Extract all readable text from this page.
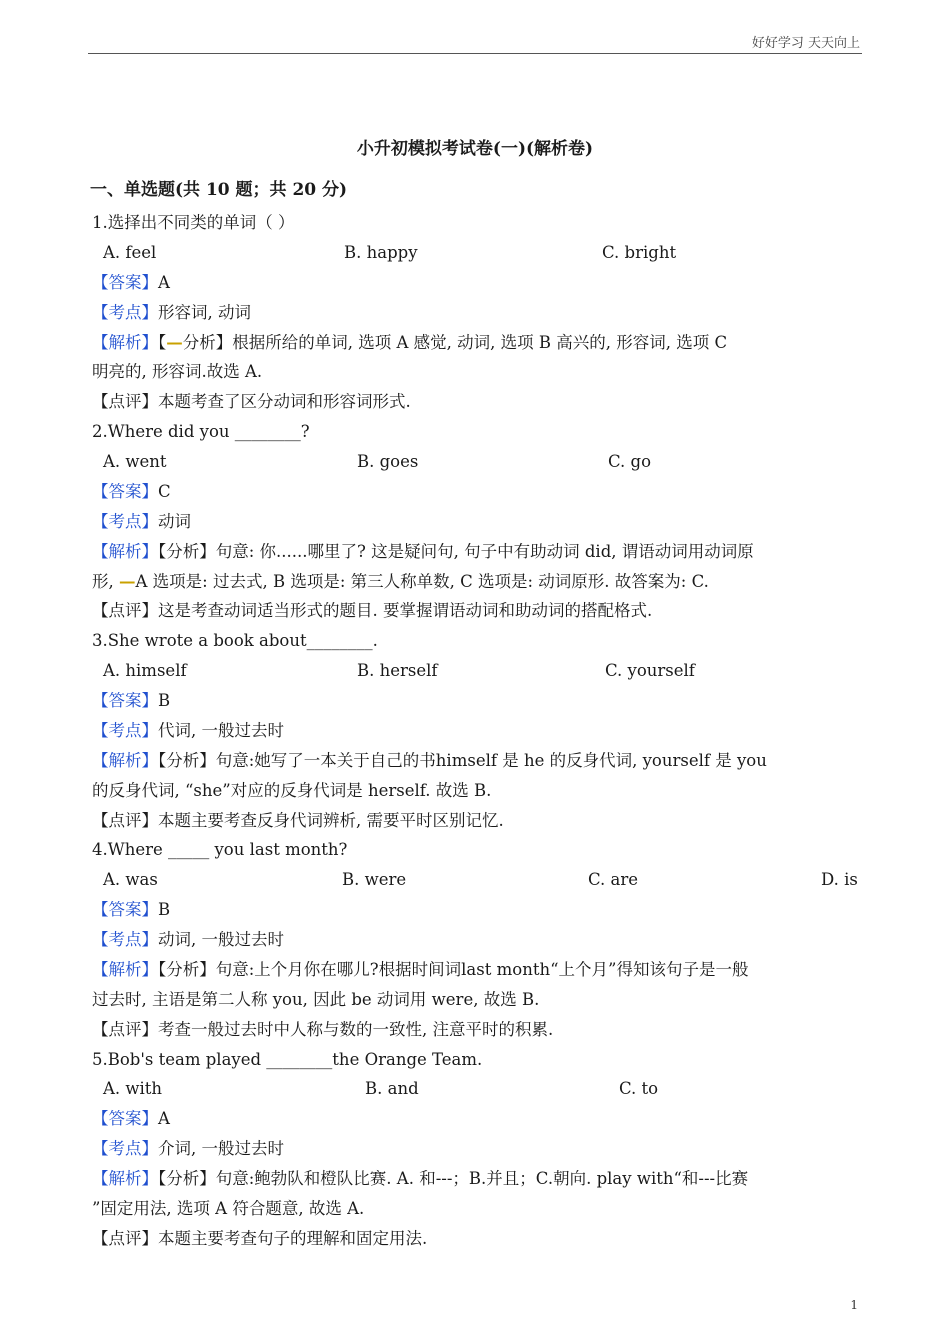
好好学习 天天向上
小升初模拟考试卷(一)(解析卷)
一、单选题(共 10 题；共 20 分)
1.选择出不同类的单词（ ）
A. feel	B. happy	C. bright
【答案】A
【考点】形容词, 动词
【解析】【—分析】根据所给的单词, 选项 A 感觉, 动词, 选项 B 高兴的, 形容词, 选项 C
明亮的, 形容词.故选 A.
【点评】本题考查了区分动词和形容词形式.
2.Where did you ________?
A. went	B. goes	C. go
【答案】C
【考点】动词
【解析】【分析】句意: 你......哪里了? 这是疑问句, 句子中有助动词 did, 谓语动词用动词原
形, —A 选项是: 过去式, B 选项是: 第三人称单数, C 选项是: 动词原形. 故答案为: C.
【点评】这是考查动词适当形式的题目. 要掌握谓语动词和助动词的搭配格式.
3.She wrote a book about________.
A. himself	B. herself	C. yourself
【答案】B
【考点】代词, 一般过去时
【解析】【分析】句意:她写了一本关于自己的书himself 是 he 的反身代词, yourself 是 you
的反身代词, “she”对应的反身代词是 herself. 故选 B.
【点评】本题主要考查反身代词辨析, 需要平时区别记忆.
4.Where _____ you last month?
A. was	B. were	C. are	D. is
【答案】B
【考点】动词, 一般过去时
【解析】【分析】句意:上个月你在哪儿?根据时间词last month“上个月”得知该句子是一般
过去时, 主语是第二人称 you, 因此 be 动词用 were, 故选 B.
【点评】考查一般过去时中人称与数的一致性, 注意平时的积累.
5.Bob's team played ________the Orange Team.
A. with	B. and	C. to
【答案】A
【考点】介词, 一般过去时
【解析】【分析】句意:鲍勃队和橙队比赛. A. 和---；B.并且；C.朝向. play with“和---比赛
”固定用法, 选项 A 符合题意, 故选 A.
【点评】本题主要考查句子的理解和固定用法.
1
